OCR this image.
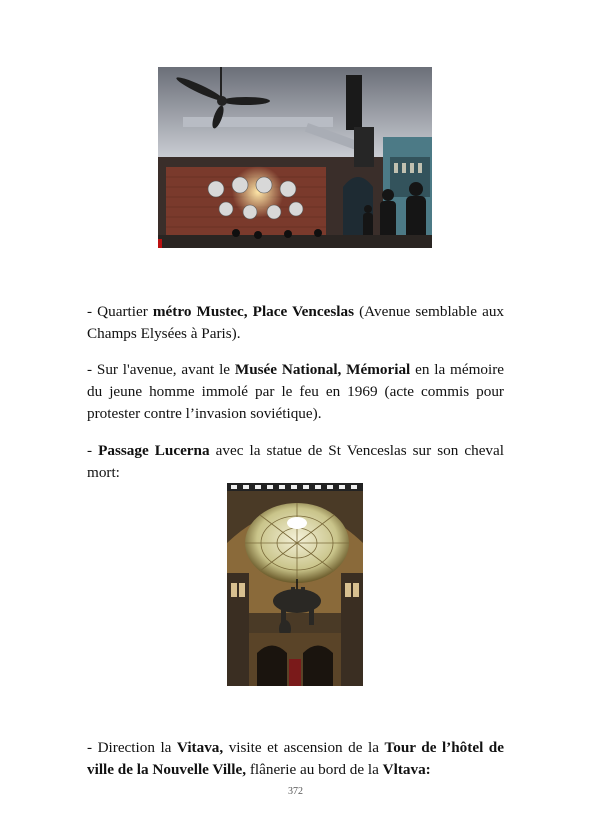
- Quartier métro Mustec, Place Venceslas (Avenue semblable aux Champs Elysées à Paris).

- Sur l'avenue, avant le Musée National, Mémorial en la mémoire du jeune homme immolé par le feu en 1969 (acte commis pour protester contre l’invasion soviétique).

- Passage Lucerna avec la statue de St Venceslas sur son cheval mort:

- Direction la Vitava, visite et ascension de la Tour de l’hôtel de ville de la Nouvelle Ville, flânerie au bord de la Vltava:

372
